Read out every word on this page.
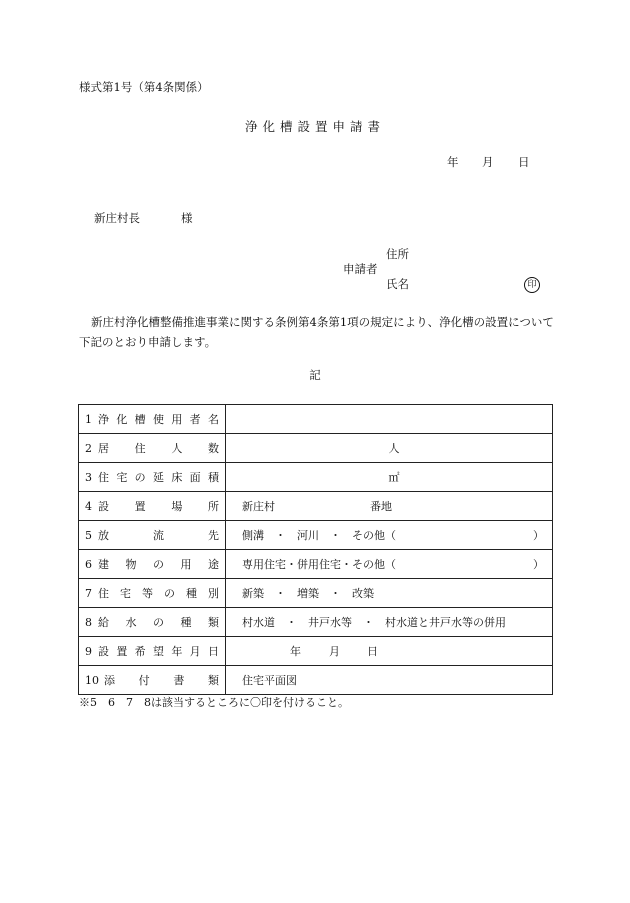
様式第1号（第4条関係）
浄化槽設置申請書
年 月 日
新庄村長	様
住所
申請者
氏名	印
新庄村浄化槽整備推進事業に関する条例第4条第1項の規定により、浄化槽の設置について下記のとおり申請します。
記
1 浄化槽使用者名	

2 居住人数	人

3 住宅の延床面積	㎡

4 設置場所	新庄村 番地

5 放流先	側溝　・　河川　・　その他（ ）

6 建物の用途	専用住宅・併用住宅・その他（ ）

7 住宅等の種別	新築　・　増築　・　改築

8 給水の種類	村水道　・　井戸水等　・　村水道と井戸水等の併用

9 設置希望年月日	年 月 日

10 添付書類	住宅平面図
※5　6　7　8は該当するところに〇印を付けること。
